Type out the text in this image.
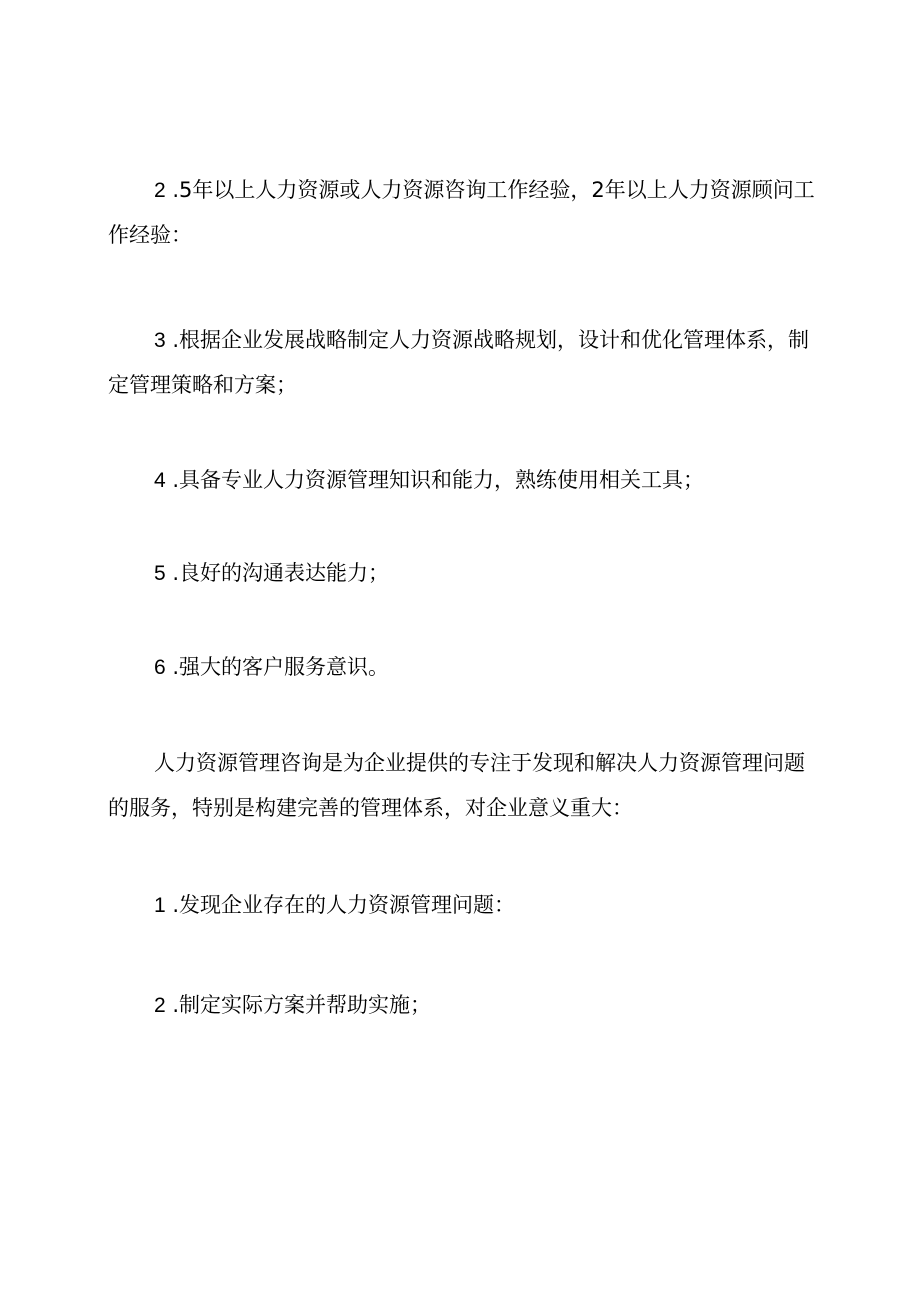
2 .5年以上人力资源或人力资源咨询工作经验，2年以上人力资源顾问工作经验：

3 .根据企业发展战略制定人力资源战略规划，设计和优化管理体系，制定管理策略和方案；

4 .具备专业人力资源管理知识和能力，熟练使用相关工具；

5 .良好的沟通表达能力；

6 .强大的客户服务意识。

人力资源管理咨询是为企业提供的专注于发现和解决人力资源管理问题的服务，特别是构建完善的管理体系，对企业意义重大：

1 .发现企业存在的人力资源管理问题：

2 .制定实际方案并帮助实施；
